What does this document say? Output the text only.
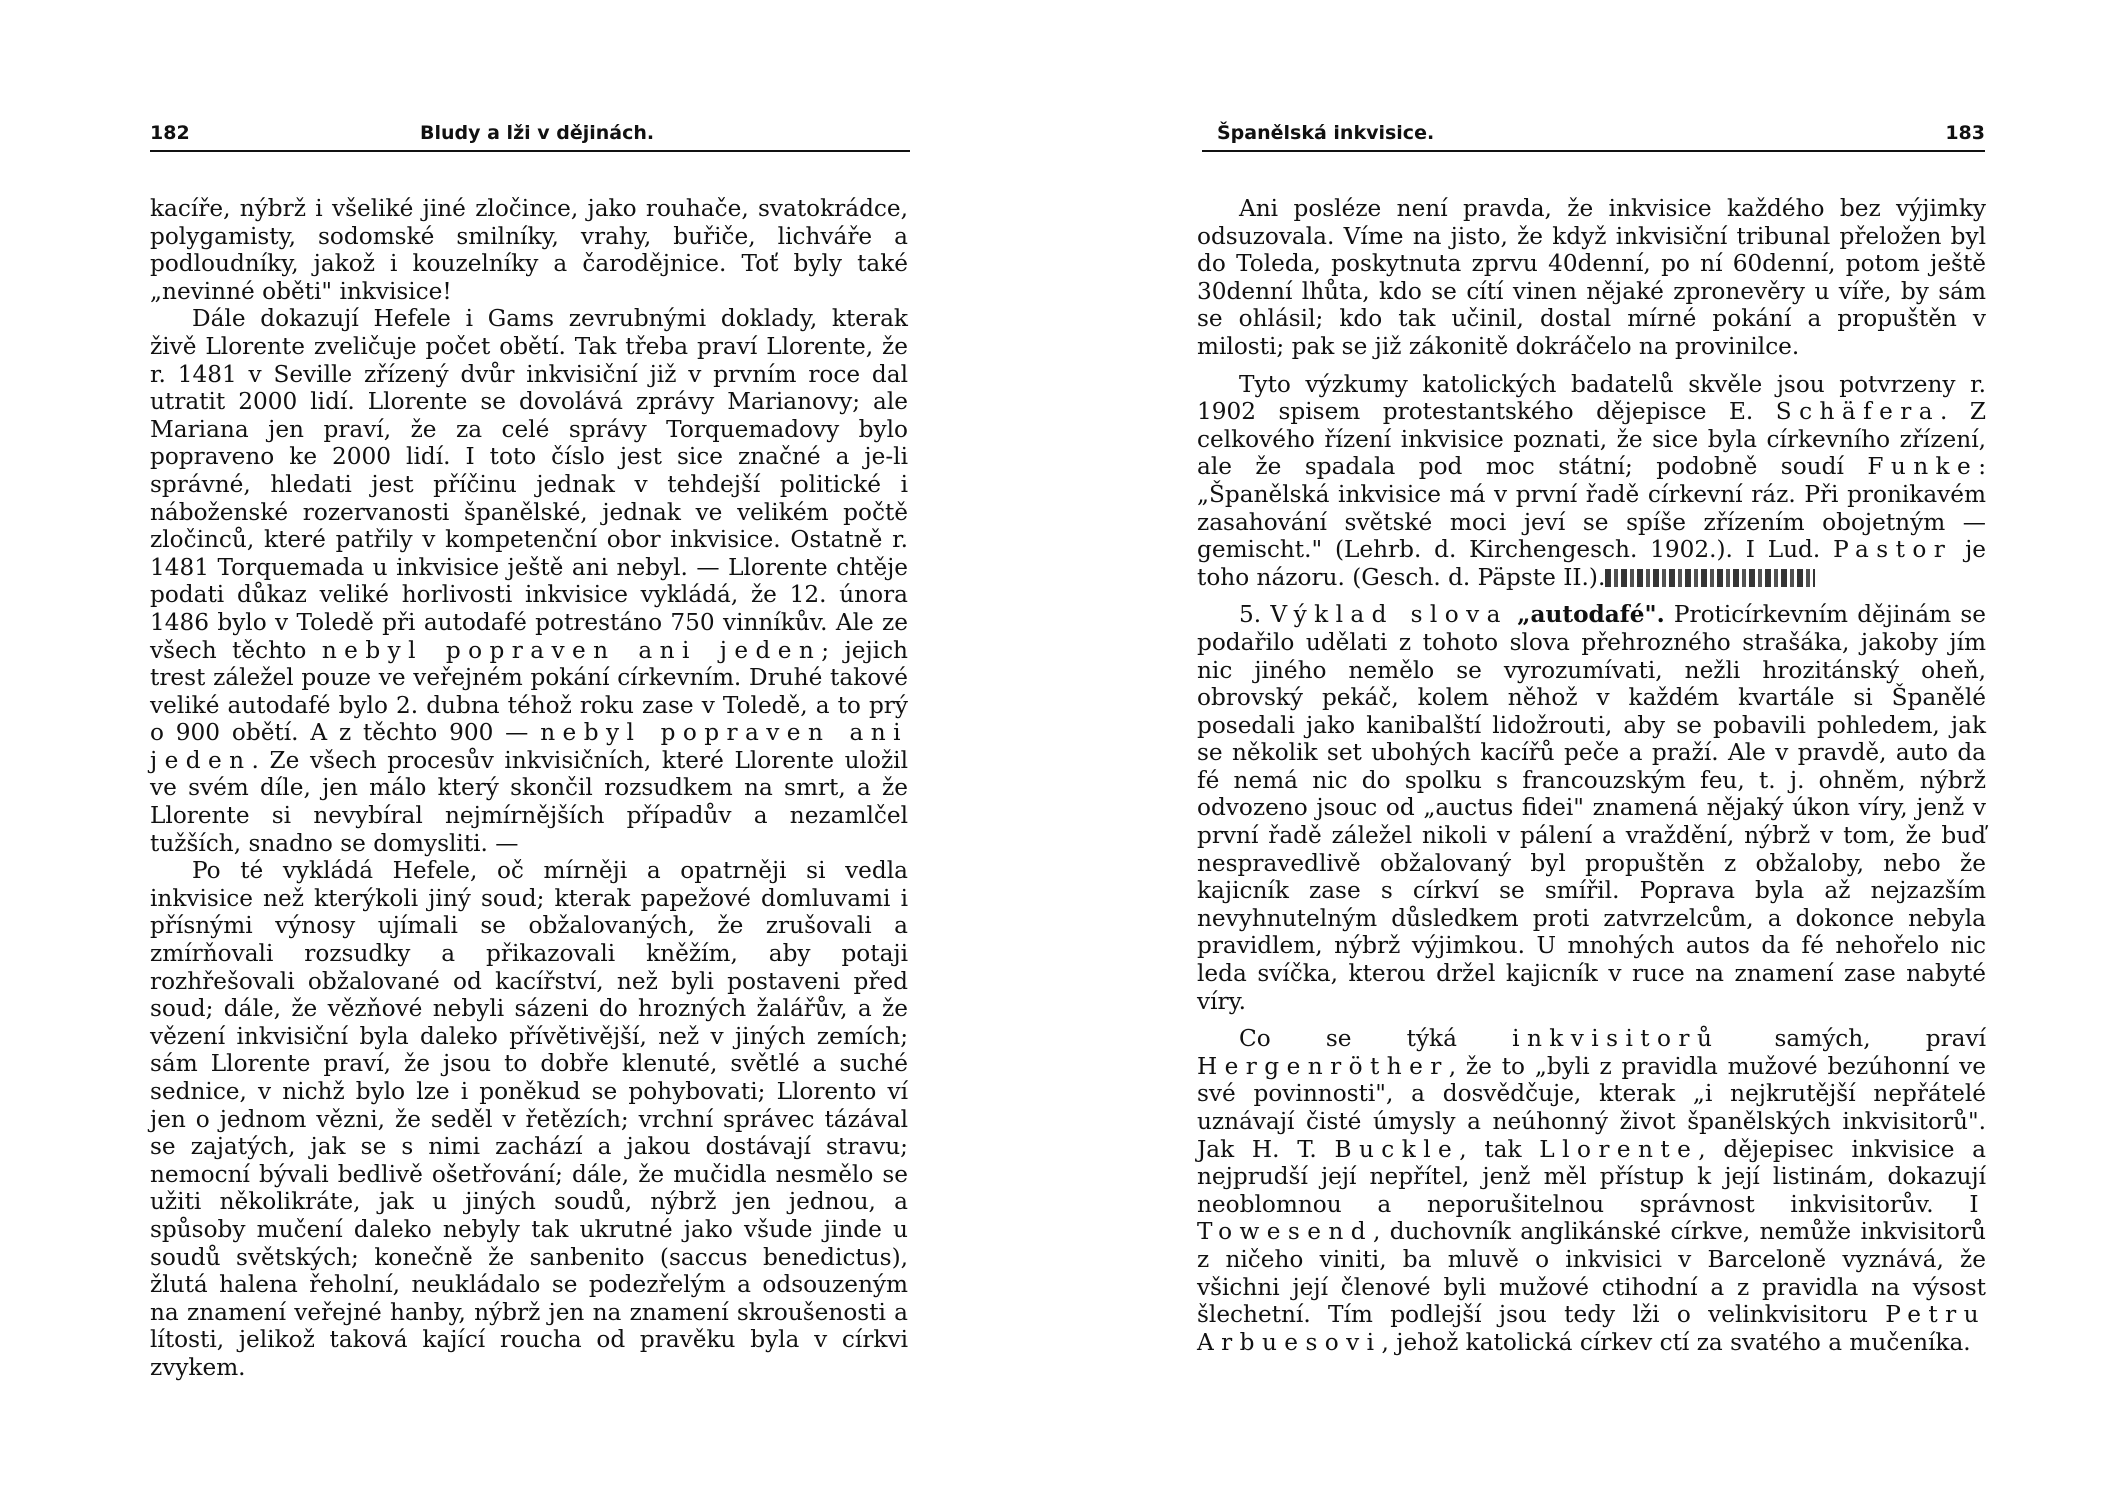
182	Bludy a lži v dějinách.

kacíře, nýbrž i všeliké jiné zločince, jako rouhače, svatokrádce, polygamisty, sodomské smilníky, vrahy, buřiče, lichváře a podloudníky, jakož i kouzelníky a čarodějnice. Toť byly také „nevinné oběti" inkvisice!

Dále dokazují Hefele i Gams zevrubnými doklady, kterak živě Llorente zveličuje počet obětí. Tak třeba praví Llorente, že r. 1481 v Seville zřízený dvůr inkvisiční již v prvním roce dal utratit 2000 lidí. Llorente se dovolává zprávy Marianovy; ale Mariana jen praví, že za celé správy Torquemadovy bylo popraveno ke 2000 lidí. I toto číslo jest sice značné a je-li správné, hledati jest příčinu jednak v tehdejší politické i náboženské rozervanosti španělské, jednak ve velikém počtě zločinců, které patřily v kompetenční obor inkvisice. Ostatně r. 1481 Torquemada u inkvisice ještě ani nebyl. — Llorente chtěje podati důkaz veliké horlivosti inkvisice vykládá, že 12. února 1486 bylo v Toledě při autodafé potrestáno 750 vinníkův. Ale ze všech těchto nebyl popraven ani jeden; jejich trest záležel pouze ve veřejném pokání církevním. Druhé takové veliké autodafé bylo 2. dubna téhož roku zase v Toledě, a to prý o 900 obětí. A z těchto 900 — nebyl popraven ani jeden. Ze všech procesův inkvisičních, které Llorente uložil ve svém díle, jen málo který skončil rozsudkem na smrt, a že Llorente si nevybíral nejmírnějších případův a nezamlčel tužších, snadno se domysliti. —

Po té vykládá Hefele, oč mírněji a opatrněji si vedla inkvisice než kterýkoli jiný soud; kterak papežové domluvami i přísnými výnosy ujímali se obžalovaných, že zrušovali a zmírňovali rozsudky a přikazovali kněžím, aby potaji rozhřešovali obžalované od kacířství, než byli postaveni před soud; dále, že vězňové nebyli sázeni do hrozných žalářův, a že vězení inkvisiční byla daleko přívětivější, než v jiných zemích; sám Llorente praví, že jsou to dobře klenuté, světlé a suché sednice, v nichž bylo lze i poněkud se pohybovati; Llorento ví jen o jednom vězni, že seděl v řetězích; vrchní správec tázával se zajatých, jak se s nimi zachází a jakou dostávají stravu; nemocní bývali bedlivě ošetřování; dále, že mučidla nesmělo se užiti několikráte, jak u jiných soudů, nýbrž jen jednou, a spůsoby mučení daleko nebyly tak ukrutné jako všude jinde u soudů světských; konečně že sanbenito (saccus benedictus), žlutá halena řeholní, neukládalo se podezřelým a odsouzeným na znamení veřejné hanby, nýbrž jen na znamení skroušenosti a lítosti, jelikož taková kající roucha od pravěku byla v církvi zvykem.

Španělská inkvisice.	183

Ani posléze není pravda, že inkvisice každého bez výjimky odsuzovala. Víme na jisto, že když inkvisiční tribunal přeložen byl do Toleda, poskytnuta zprvu 40denní, po ní 60denní, potom ještě 30denní lhůta, kdo se cítí vinen nějaké zpronevěry u víře, by sám se ohlásil; kdo tak učinil, dostal mírné pokání a propuštěn v milosti; pak se již zákonitě dokráčelo na provinilce.

Tyto výzkumy katolických badatelů skvěle jsou potvrzeny r. 1902 spisem protestantského dějepisce E. Schäfera. Z celkového řízení inkvisice poznati, že sice byla církevního zřízení, ale že spadala pod moc státní; podobně soudí Funke: „Španělská inkvisice má v první řadě církevní ráz. Při pronikavém zasahování světské moci jeví se spíše zřízením obojetným — gemischt." (Lehrb. d. Kirchengesch. 1902.). I Lud. Pastor je toho názoru. (Gesch. d. Päpste II.).

5. Výklad slova „autodafé". Proticírkevním dějinám se podařilo udělati z tohoto slova přehrozného strašáka, jakoby jím nic jiného nemělo se vyrozumívati, nežli hrozitánský oheň, obrovský pekáč, kolem něhož v každém kvartále si Španělé posedali jako kanibalští lidožrouti, aby se pobavili pohledem, jak se několik set ubohých kacířů peče a praží. Ale v pravdě, auto da fé nemá nic do spolku s francouzským feu, t. j. ohněm, nýbrž odvozeno jsouc od „auctus fidei" znamená nějaký úkon víry, jenž v první řadě záležel nikoli v pálení a vraždění, nýbrž v tom, že buď nespravedlivě obžalovaný byl propuštěn z obžaloby, nebo že kajicník zase s církví se smířil. Poprava byla až nejzazším nevyhnutelným důsledkem proti zatvrzelcům, a dokonce nebyla pravidlem, nýbrž výjimkou. U mnohých autos da fé nehořelo nic leda svíčka, kterou držel kajicník v ruce na znamení zase nabyté víry.

Co se týká inkvisitorů samých, praví Hergenröther, že to „byli z pravidla mužové bezúhonní ve své povinnosti", a dosvědčuje, kterak „i nejkrutější nepřátelé uznávají čisté úmysly a neúhonný život španělských inkvisitorů". Jak H. T. Buckle, tak Llorente, dějepisec inkvisice a nejprudší její nepřítel, jenž měl přístup k její listinám, dokazují neoblomnou a neporušitelnou správnost inkvisitorův. I Towesend, duchovník anglikánské církve, nemůže inkvisitorů z ničeho viniti, ba mluvě o inkvisici v Barceloně vyznává, že všichni její členové byli mužové ctihodní a z pravidla na výsost šlechetní. Tím podlejší jsou tedy lži o velinkvisitoru Petru Arbuesovi, jehož katolická církev ctí za svatého a mučeníka.
